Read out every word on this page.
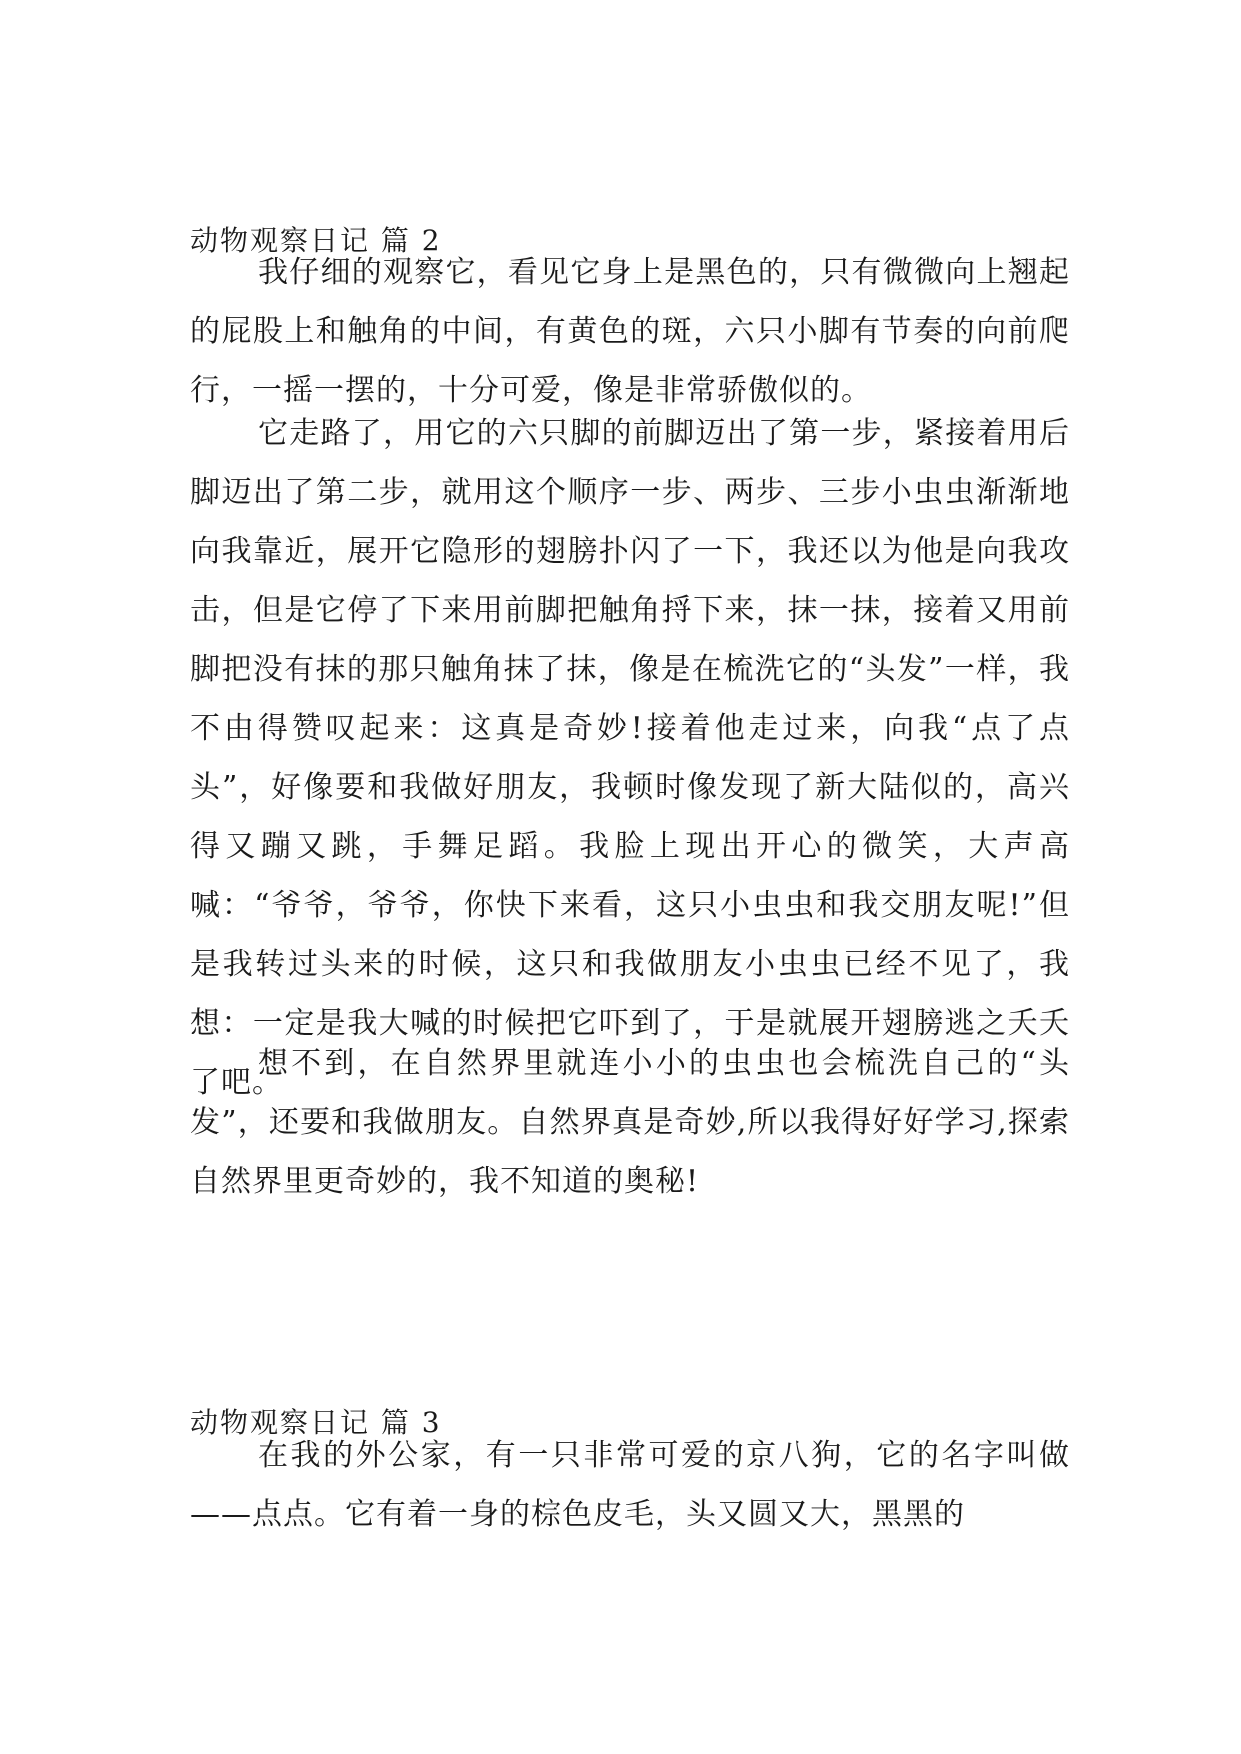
动物观察日记 篇 2

我仔细的观察它，看见它身上是黑色的，只有微微向上翘起的屁股上和触角的中间，有黄色的斑，六只小脚有节奏的向前爬行，一摇一摆的，十分可爱，像是非常骄傲似的。

它走路了，用它的六只脚的前脚迈出了第一步，紧接着用后脚迈出了第二步，就用这个顺序一步、两步、三步小虫虫渐渐地向我靠近，展开它隐形的翅膀扑闪了一下，我还以为他是向我攻击，但是它停了下来用前脚把触角捋下来，抹一抹，接着又用前脚把没有抹的那只触角抹了抹，像是在梳洗它的“头发”一样，我不由得赞叹起来：这真是奇妙!接着他走过来，向我“点了点头”，好像要和我做好朋友，我顿时像发现了新大陆似的，高兴得又蹦又跳，手舞足蹈。我脸上现出开心的微笑，大声高喊：“爷爷，爷爷，你快下来看，这只小虫虫和我交朋友呢!”但是我转过头来的时候，这只和我做朋友小虫虫已经不见了，我想：一定是我大喊的时候把它吓到了，于是就展开翅膀逃之夭夭了吧。

想不到，在自然界里就连小小的虫虫也会梳洗自己的“头发”，还要和我做朋友。自然界真是奇妙,所以我得好好学习,探索自然界里更奇妙的，我不知道的奥秘!

动物观察日记 篇 3

在我的外公家，有一只非常可爱的京八狗，它的名字叫做——点点。它有着一身的棕色皮毛，头又圆又大，黑黑的
